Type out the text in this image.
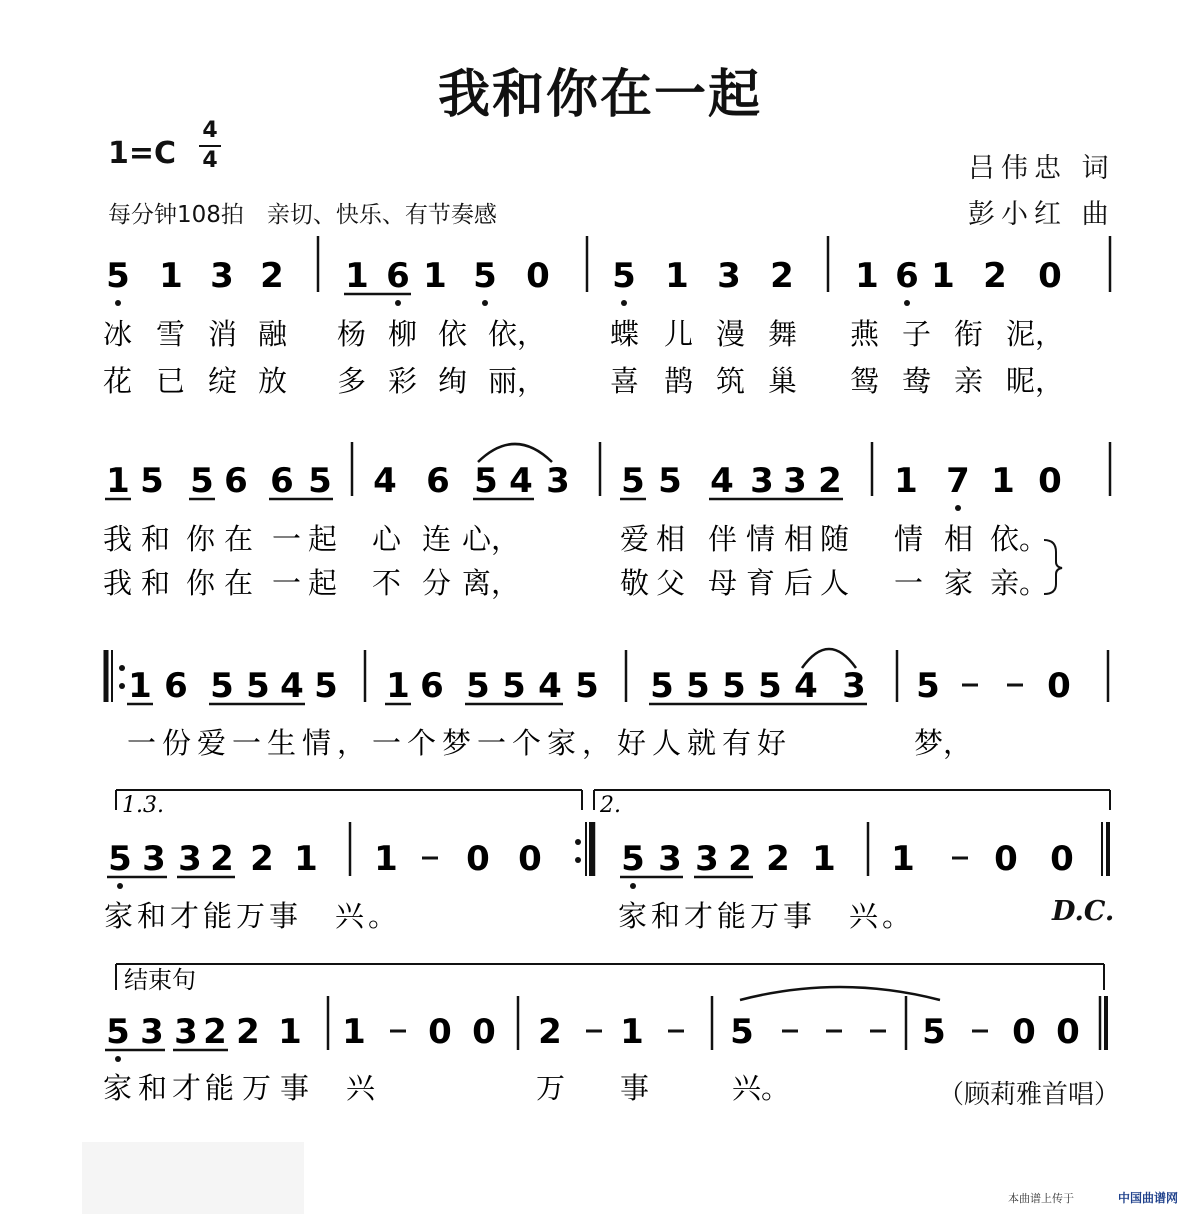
我和你在一起
1=C
4
4
每分钟108拍　亲切、快乐、有节奏感
吕伟忠 词
彭小红 曲
5 1 3 2 1 6 1 5 0 5 1 3 2 1 6 1 2 0
1 5 5 6 6 5 4 6 5 4 3 5 5 4 3 3 2 1 7 1 0
1 6 5 5 4 5 1 6 5 5 4 5 5 5 5 5 4 3 5	0
5 3 3 2 2 1 1 0 0 5 3 3 2 2 1 1 0 0
5 3 3 2 2 1 1 0 0 2 1	5	5 0 0
1.3.	2.
结束句
冰 雪 消 融 杨 柳 依 依， 蝶 儿 漫 舞 燕 子 衔 泥，
花 已 绽 放 多 彩 绚 丽， 喜 鹊 筑 巢 鸳 鸯 亲 昵，
我 和 你 在 一 起 心 连 心，	爱 相 伴 情 相 随 情 相 依。
我 和 你 在 一 起 不 分 离，	敬 父 母 育 后 人 一 家 亲。
一份爱一生情，一个梦一个家，好人就有好	梦，
家和才能万事　兴。	家和才能万事　兴。
家 和 才 能 万 事 兴	万 事	兴。
D.C.
（顾莉雅首唱）
本曲谱上传于	中国曲谱网
